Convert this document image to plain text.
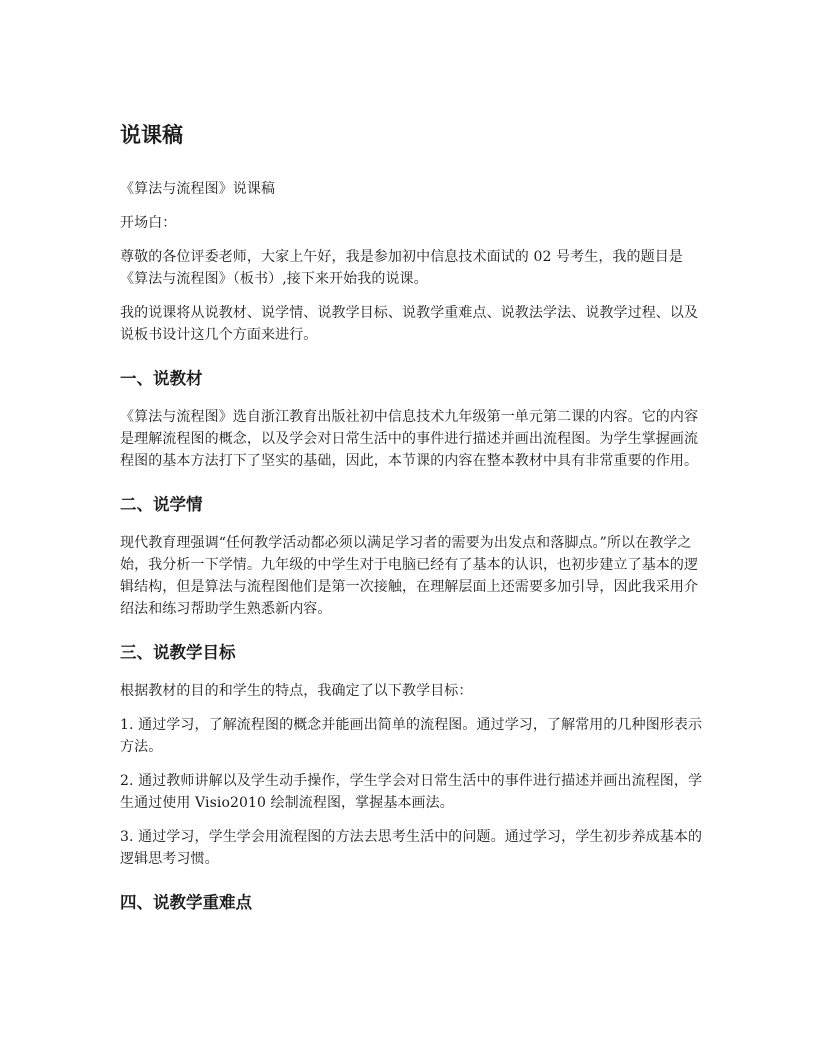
说课稿

《算法与流程图》说课稿

开场白：

尊敬的各位评委老师，大家上午好，我是参加初中信息技术面试的 02 号考生，我的题目是《算法与流程图》（板书）,接下来开始我的说课。

我的说课将从说教材、说学情、说教学目标、说教学重难点、说教法学法、说教学过程、以及说板书设计这几个方面来进行。

一、说教材

《算法与流程图》选自浙江教育出版社初中信息技术九年级第一单元第二课的内容。它的内容是理解流程图的概念，以及学会对日常生活中的事件进行描述并画出流程图。为学生掌握画流程图的基本方法打下了坚实的基础，因此，本节课的内容在整本教材中具有非常重要的作用。

二、说学情

现代教育理强调“任何教学活动都必须以满足学习者的需要为出发点和落脚点。”所以在教学之始，我分析一下学情。九年级的中学生对于电脑已经有了基本的认识，也初步建立了基本的逻辑结构，但是算法与流程图他们是第一次接触，在理解层面上还需要多加引导，因此我采用介绍法和练习帮助学生熟悉新内容。

三、说教学目标

根据教材的目的和学生的特点，我确定了以下教学目标：

1. 通过学习，了解流程图的概念并能画出简单的流程图。通过学习，了解常用的几种图形表示方法。

2. 通过教师讲解以及学生动手操作，学生学会对日常生活中的事件进行描述并画出流程图，学生通过使用 Visio2010 绘制流程图，掌握基本画法。

3. 通过学习，学生学会用流程图的方法去思考生活中的问题。通过学习，学生初步养成基本的逻辑思考习惯。

四、说教学重难点
